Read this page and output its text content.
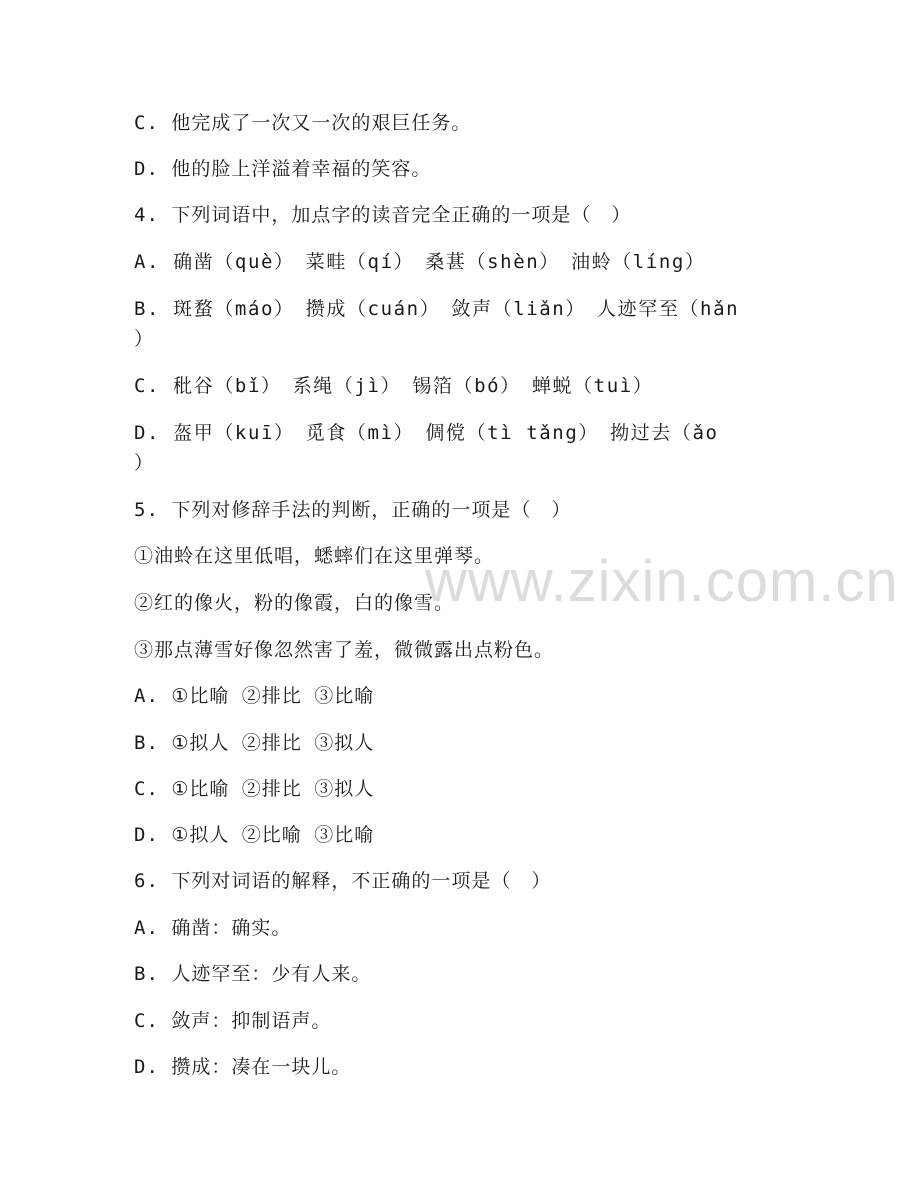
www.zixin.com.cn
C. 他完成了一次又一次的艰巨任务。
D. 他的脸上洋溢着幸福的笑容。
4. 下列词语中，加点字的读音完全正确的一项是（　）
A. 确凿（què）　菜畦（qí）　桑葚（shèn）　油蛉（líng）
B. 斑蝥（máo）　攒成（cuán）　敛声（liǎn）　人迹罕至（hǎn
）
C. 秕谷（bǐ）　系绳（jì）　锡箔（bó）　蝉蜕（tuì）
D. 盔甲（kuī）　觅食（mì）　倜傥（tì tǎng）　拗过去（ǎo
）
5. 下列对修辞手法的判断，正确的一项是（　）
①油蛉在这里低唱，蟋蟀们在这里弹琴。
②红的像火，粉的像霞，白的像雪。
③那点薄雪好像忽然害了羞，微微露出点粉色。
A. ①比喻 ②排比 ③比喻
B. ①拟人 ②排比 ③拟人
C. ①比喻 ②排比 ③拟人
D. ①拟人 ②比喻 ③比喻
6. 下列对词语的解释，不正确的一项是（　）
A. 确凿：确实。
B. 人迹罕至：少有人来。
C. 敛声：抑制语声。
D. 攒成：凑在一块儿。
